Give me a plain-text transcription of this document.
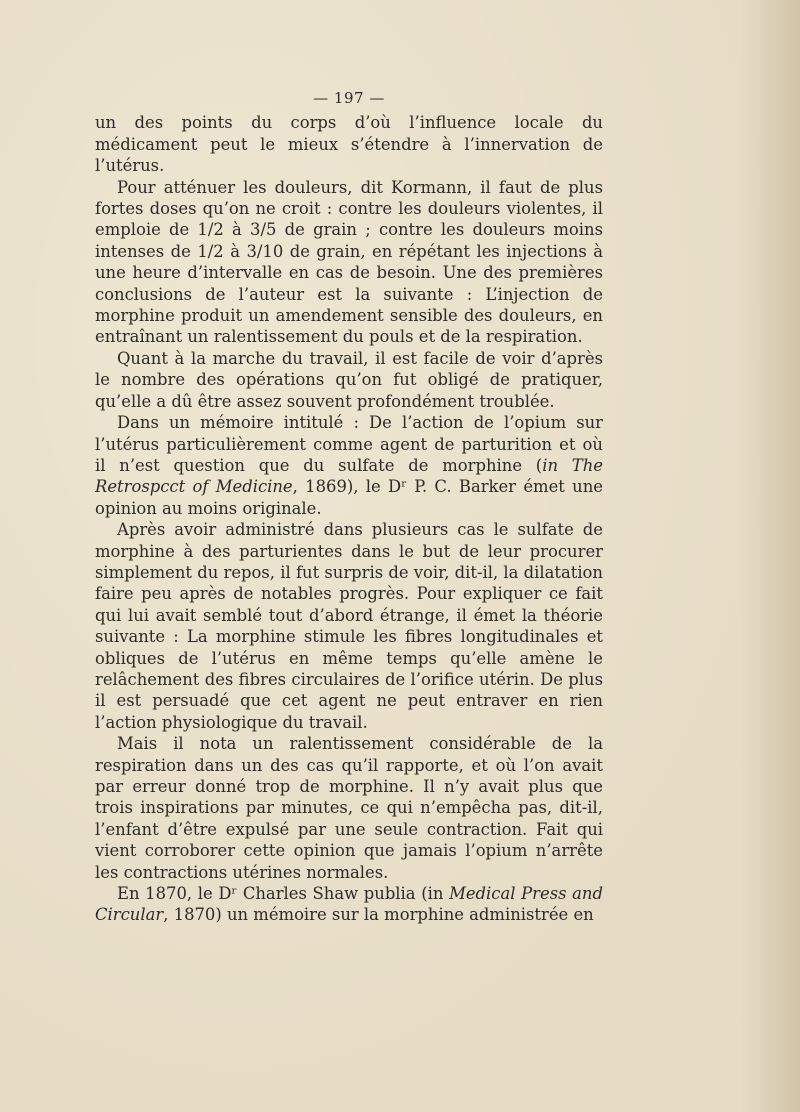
— 197 —

un des points du corps d’où l’influence locale du médicament peut le mieux s’étendre à l’innervation de l’utérus.

Pour atténuer les douleurs, dit Kormann, il faut de plus fortes doses qu’on ne croit : contre les douleurs violentes, il emploie de 1/2 à 3/5 de grain ; contre les douleurs moins intenses de 1/2 à 3/10 de grain, en répétant les injections à une heure d’intervalle en cas de besoin. Une des premières conclusions de l’auteur est la suivante : L’injection de morphine produit un amendement sensible des douleurs, en entraînant un ralentissement du pouls et de la respiration.

Quant à la marche du travail, il est facile de voir d’après le nombre des opérations qu’on fut obligé de pratiquer, qu’elle a dû être assez souvent profondément troublée.

Dans un mémoire intitulé : De l’action de l’opium sur l’utérus particulièrement comme agent de parturition et où il n’est question que du sulfate de morphine (in The Retrospcct of Medicine, 1869), le Dʳ P. C. Barker émet une opinion au moins originale.

Après avoir administré dans plusieurs cas le sulfate de morphine à des parturientes dans le but de leur procurer simplement du repos, il fut surpris de voir, dit-il, la dilatation faire peu après de notables progrès. Pour expliquer ce fait qui lui avait semblé tout d’abord étrange, il émet la théorie suivante : La morphine stimule les fibres longitudinales et obliques de l’utérus en même temps qu’elle amène le relâchement des fibres circulaires de l’orifice utérin. De plus il est persuadé que cet agent ne peut entraver en rien l’action physiologique du travail.

Mais il nota un ralentissement considérable de la respiration dans un des cas qu’il rapporte, et où l’on avait par erreur donné trop de morphine. Il n’y avait plus que trois inspirations par minutes, ce qui n’empêcha pas, dit-il, l’enfant d’être expulsé par une seule contraction. Fait qui vient corroborer cette opinion que jamais l’opium n’arrête les contractions utérines normales.

En 1870, le Dʳ Charles Shaw publia (in Medical Press and Circular, 1870) un mémoire sur la morphine administrée en
